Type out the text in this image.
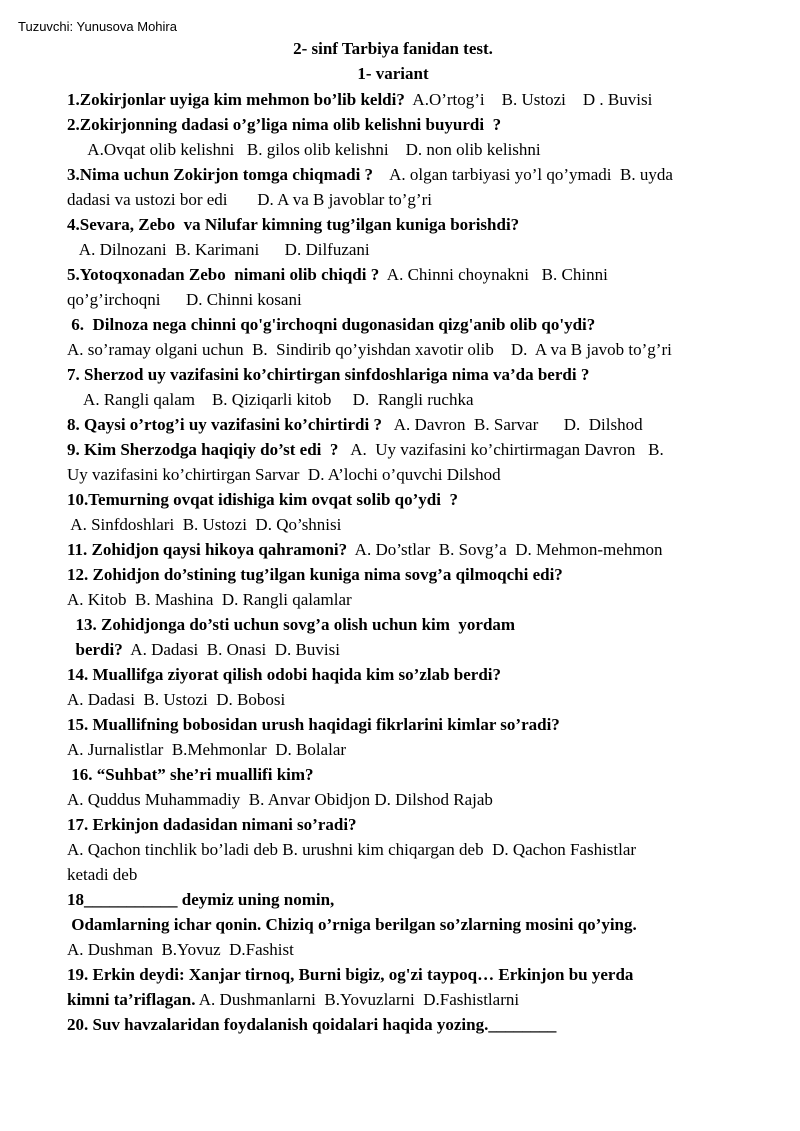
Tuzuvchi: Yunusova Mohira
2- sinf Tarbiya fanidan test.
1- variant
1.Zokirjonlar uyiga kim mehmon bo’lib keldi?  A.O’rtog’i    B. Ustozi    D . Buvisi
2.Zokirjonning dadasi o’g’liga nima olib kelishni buyurdi  ?
A.Ovqat olib kelishni   B. gilos olib kelishni    D. non olib kelishni
3.Nima uchun Zokirjon tomga chiqmadi ?    A. olgan tarbiyasi yo’l qo’ymadi  B. uyda
dadasi va ustozi bor edi       D. A va B javoblar to’g’ri
4.Sevara, Zebo  va Nilufar kimning tug’ilgan kuniga borishdi?
A. Dilnozani  B. Karimani      D. Dilfuzani
5.Yotoqxonadan Zebo  nimani olib chiqdi ?  A. Chinni choynakni   B. Chinni
qo’g’irchoqni      D. Chinni kosani
6.  Dilnoza nega chinni qo'g'irchoqni dugonasidan qizg'anib olib qo'ydi?
A. so’ramay olgani uchun  B.  Sindirib qo’yishdan xavotir olib    D.  A va B javob to’g’ri
7. Sherzod uy vazifasini ko’chirtirgan sinfdoshlariga nima va’da berdi ?
A. Rangli qalam    B. Qiziqarli kitob     D.  Rangli ruchka
8. Qaysi o’rtog’i uy vazifasini ko’chirtirdi ?   A. Davron  B. Sarvar      D.  Dilshod
9. Kim Sherzodga haqiqiy do’st edi  ?   A.  Uy vazifasini ko’chirtirmagan Davron   B.
Uy vazifasini ko’chirtirgan Sarvar  D. A’lochi o’quvchi Dilshod
10.Temurning ovqat idishiga kim ovqat solib qo’ydi  ?
A. Sinfdoshlari  B. Ustozi  D. Qo’shnisi
11. Zohidjon qaysi hikoya qahramoni?  A. Do’stlar  B. Sovg’a  D. Mehmon-mehmon
12. Zohidjon do’stining tug’ilgan kuniga nima sovg’a qilmoqchi edi?
A. Kitob  B. Mashina  D. Rangli qalamlar
13. Zohidjonga do’sti uchun sovg’a olish uchun kim  yordam
berdi?  A. Dadasi  B. Onasi  D. Buvisi
14. Muallifga ziyorat qilish odobi haqida kim so’zlab berdi?
A. Dadasi  B. Ustozi  D. Bobosi
15. Muallifning bobosidan urush haqidagi fikrlarini kimlar so’radi?
A. Jurnalistlar  B.Mehmonlar  D. Bolalar
16. “Suhbat” she’ri muallifi kim?
A. Quddus Muhammadiy  B. Anvar Obidjon D. Dilshod Rajab
17. Erkinjon dadasidan nimani so’radi?
A. Qachon tinchlik bo’ladi deb B. urushni kim chiqargan deb  D. Qachon Fashistlar
ketadi deb
18___________ deymiz uning nomin,
Odamlarning ichar qonin. Chiziq o’rniga berilgan so’zlarning mosini qo’ying.
A. Dushman  B.Yovuz  D.Fashist
19. Erkin deydi: Xanjar tirnoq, Burni bigiz, og'zi taypoq… Erkinjon bu yerda
kimni ta’riflagan. A. Dushmanlarni  B.Yovuzlarni  D.Fashistlarni
20. Suv havzalaridan foydalanish qoidalari haqida yozing.________
